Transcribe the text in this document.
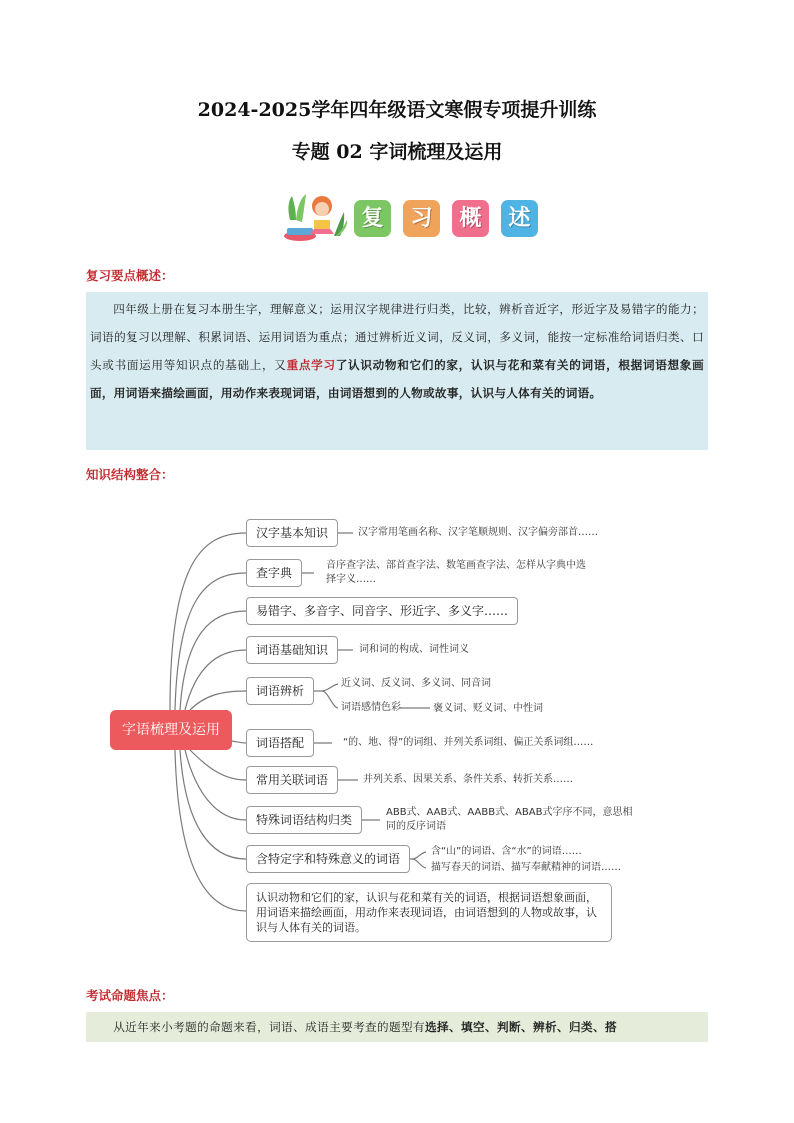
2024-2025学年四年级语文寒假专项提升训练
专题 02 字词梳理及运用
复	习	概	述
复习要点概述：

四年级上册在复习本册生字，理解意义；运用汉字规律进行归类，比较，辨析音近字，形近字及易错字的能力；词语的复习以理解、积累词语、运用词语为重点；通过辨析近义词，反义词，多义词，能按一定标准给词语归类、口头或书面运用等知识点的基础上，又重点学习了认识动物和它们的家，认识与花和菜有关的词语，根据词语想象画面，用词语来描绘画面，用动作来表现词语，由词语想到的人物或故事，认识与人体有关的词语。

知识结构整合：
字语梳理及运用
汉字基本知识
查字典
易错字、多音字、同音字、形近字、多义字……
词语基础知识
词语辨析
词语搭配
常用关联词语
特殊词语结构归类
含特定字和特殊意义的词语
汉字常用笔画名称、汉字笔顺规则、汉字偏旁部首……
音序查字法、部首查字法、数笔画查字法、怎样从字典中选
择字义……
词和词的构成、词性词义
近义词、反义词、多义词、同音词
词语感情色彩	褒义词、贬义词、中性词
“的、地、得”的词组、并列关系词组、偏正关系词组……
并列关系、因果关系、条件关系、转折关系……
ABB式、AAB式、AABB式、ABAB式字序不同，意思相
同的反序词语
含“山”的词语、含“水”的词语……
描写春天的词语、描写奉献精神的词语……
认识动物和它们的家，认识与花和菜有关的词语，根据词语想象画面，用词语来描绘画面，用动作来表现词语，由词语想到的人物或故事，认识与人体有关的词语。
考试命题焦点：

从近年来小考题的命题来看，词语、成语主要考查的题型有选择、填空、判断、辨析、归类、搭
